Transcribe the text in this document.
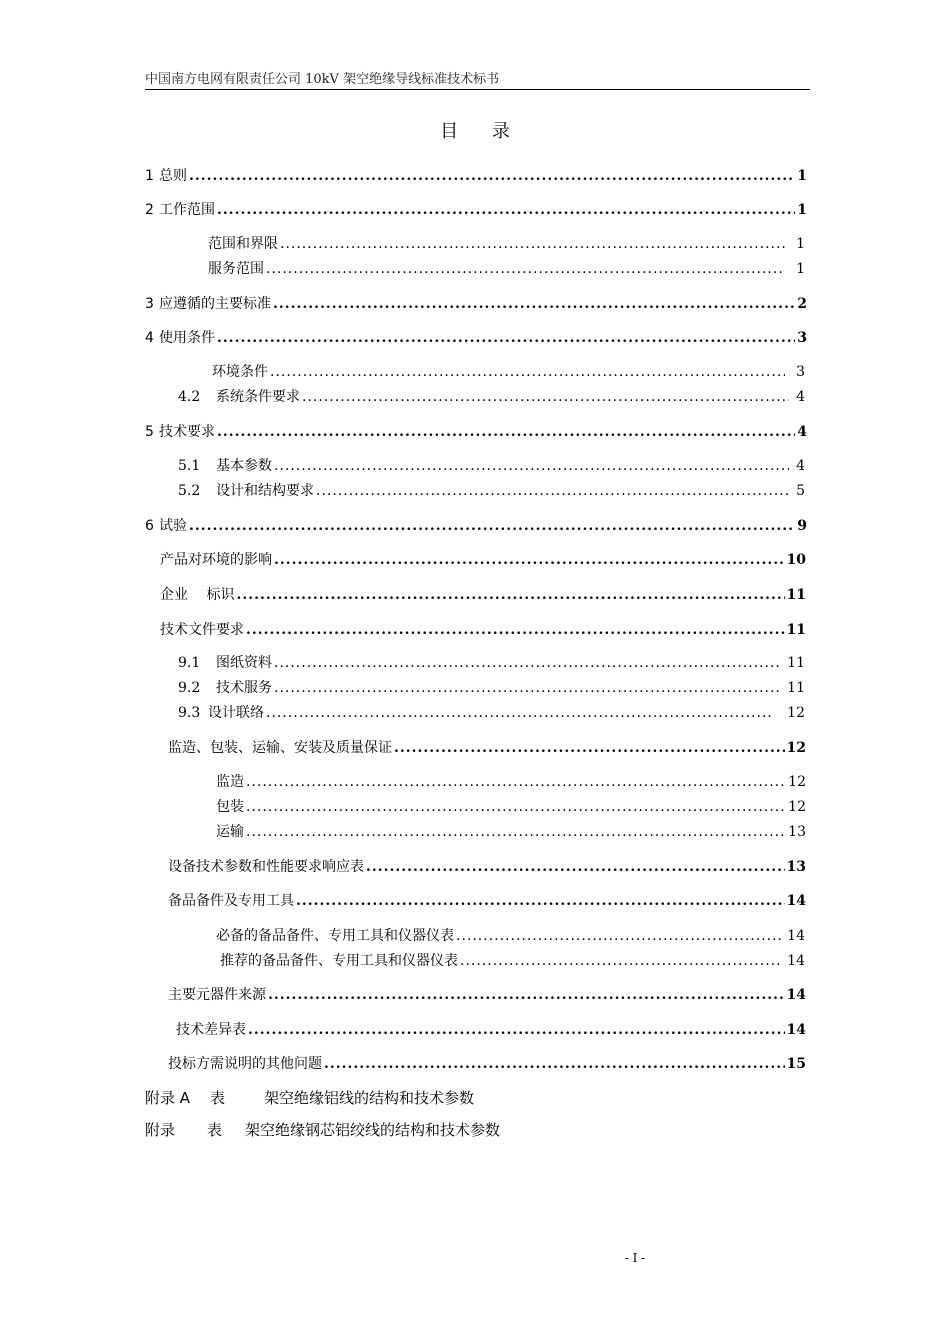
中国南方电网有限责任公司 10kV 架空绝缘导线标准技术标书
目 录
1 总则 .....	1
2 工作范围 .....	1
范围和界限 .....	1
服务范围 .....	1
3 应遵循的主要标准 .....	2
4 使用条件 .....	3
环境条件 .....	3
4.2	系统条件要求 .....	4
5 技术要求 .....	4
5.1	基本参数 .....	4
5.2	设计和结构要求 .....	5
6 试验 .....	9
产品对环境的影响 .....	10
企业　 标识 .....	11
技术文件要求 .....	11
9.1	图纸资料 .....	11
9.2	技术服务 .....	11
9.3 设计联络 .....	12
监造、包装、运输、安装及质量保证 .....	12
监造 .....	12
包装 .....	12
运输 .....	13
设备技术参数和性能要求响应表 .....	13
备品备件及专用工具 .....	14
必备的备品备件、专用工具和仪器仪表 .....	14
推荐的备品备件、专用工具和仪器仪表 .....	14
主要元器件来源 .....	14
技术差异表 .....	14
投标方需说明的其他问题 .....	15
附录 A 表	架空绝缘铝线的结构和技术参数
附录 表 架空绝缘钢芯铝绞线的结构和技术参数
- I -
